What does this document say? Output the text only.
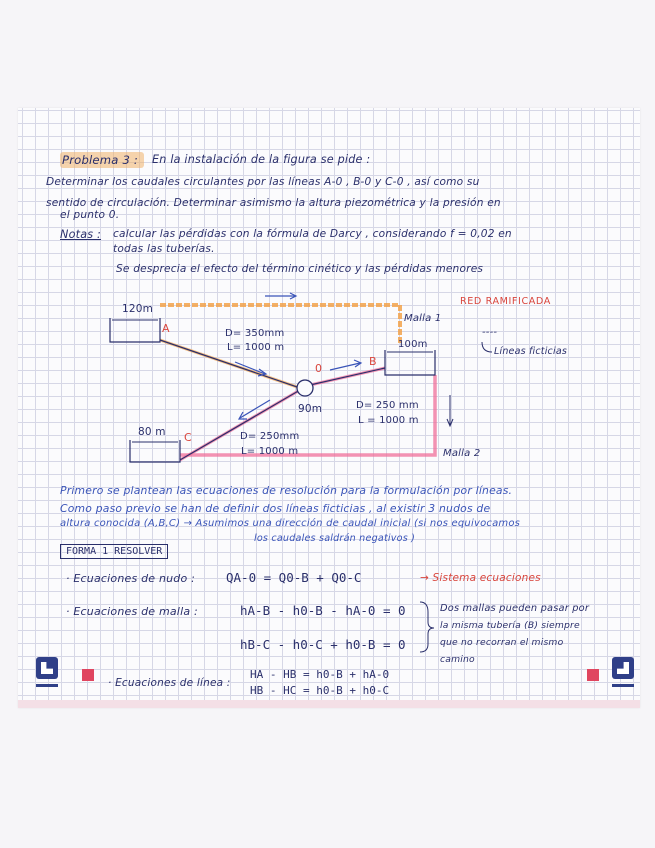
Problema 3 : En la instalación de la figura se pide :
Determinar los caudales circulantes por las líneas A-0 , B-0 y C-0 , así como su
sentido de circulación. Determinar asimismo la altura piezométrica y la presión en
el punto 0.
Notas : calcular las pérdidas con la fórmula de Darcy , considerando f = 0,02 en
todas las tuberías.
Se desprecia el efecto del término cinético y las pérdidas menores
120m
A	D= 350mm
L= 1000 m
0
90m
B
100m
D= 250 mm
L = 1000 m
80 m C	D= 250mm
L= 1000 m
Malla 1
Malla 2
RED RAMIFICADA
----
Líneas ficticias
Primero se plantean las ecuaciones de resolución para la formulación por líneas.
Como paso previo se han de definir dos líneas ficticias , al existir 3 nudos de
altura conocida (A,B,C) → Asumimos una dirección de caudal inicial (si nos equivocamos
los caudales saldrán negativos )
FORMA 1 RESOLVER
· Ecuaciones de nudo : QA-0 = Q0-B + Q0-C	→ Sistema ecuaciones
· Ecuaciones de malla :	hA-B - h0-B - hA-0 = 0
hB-C - h0-C + h0-B = 0
Dos mallas pueden pasar por
la misma tubería (B) siempre
que no recorran el mismo
camino
· Ecuaciones de línea :
HA - HB = h0-B + hA-0
HB - HC = h0-B + h0-C
